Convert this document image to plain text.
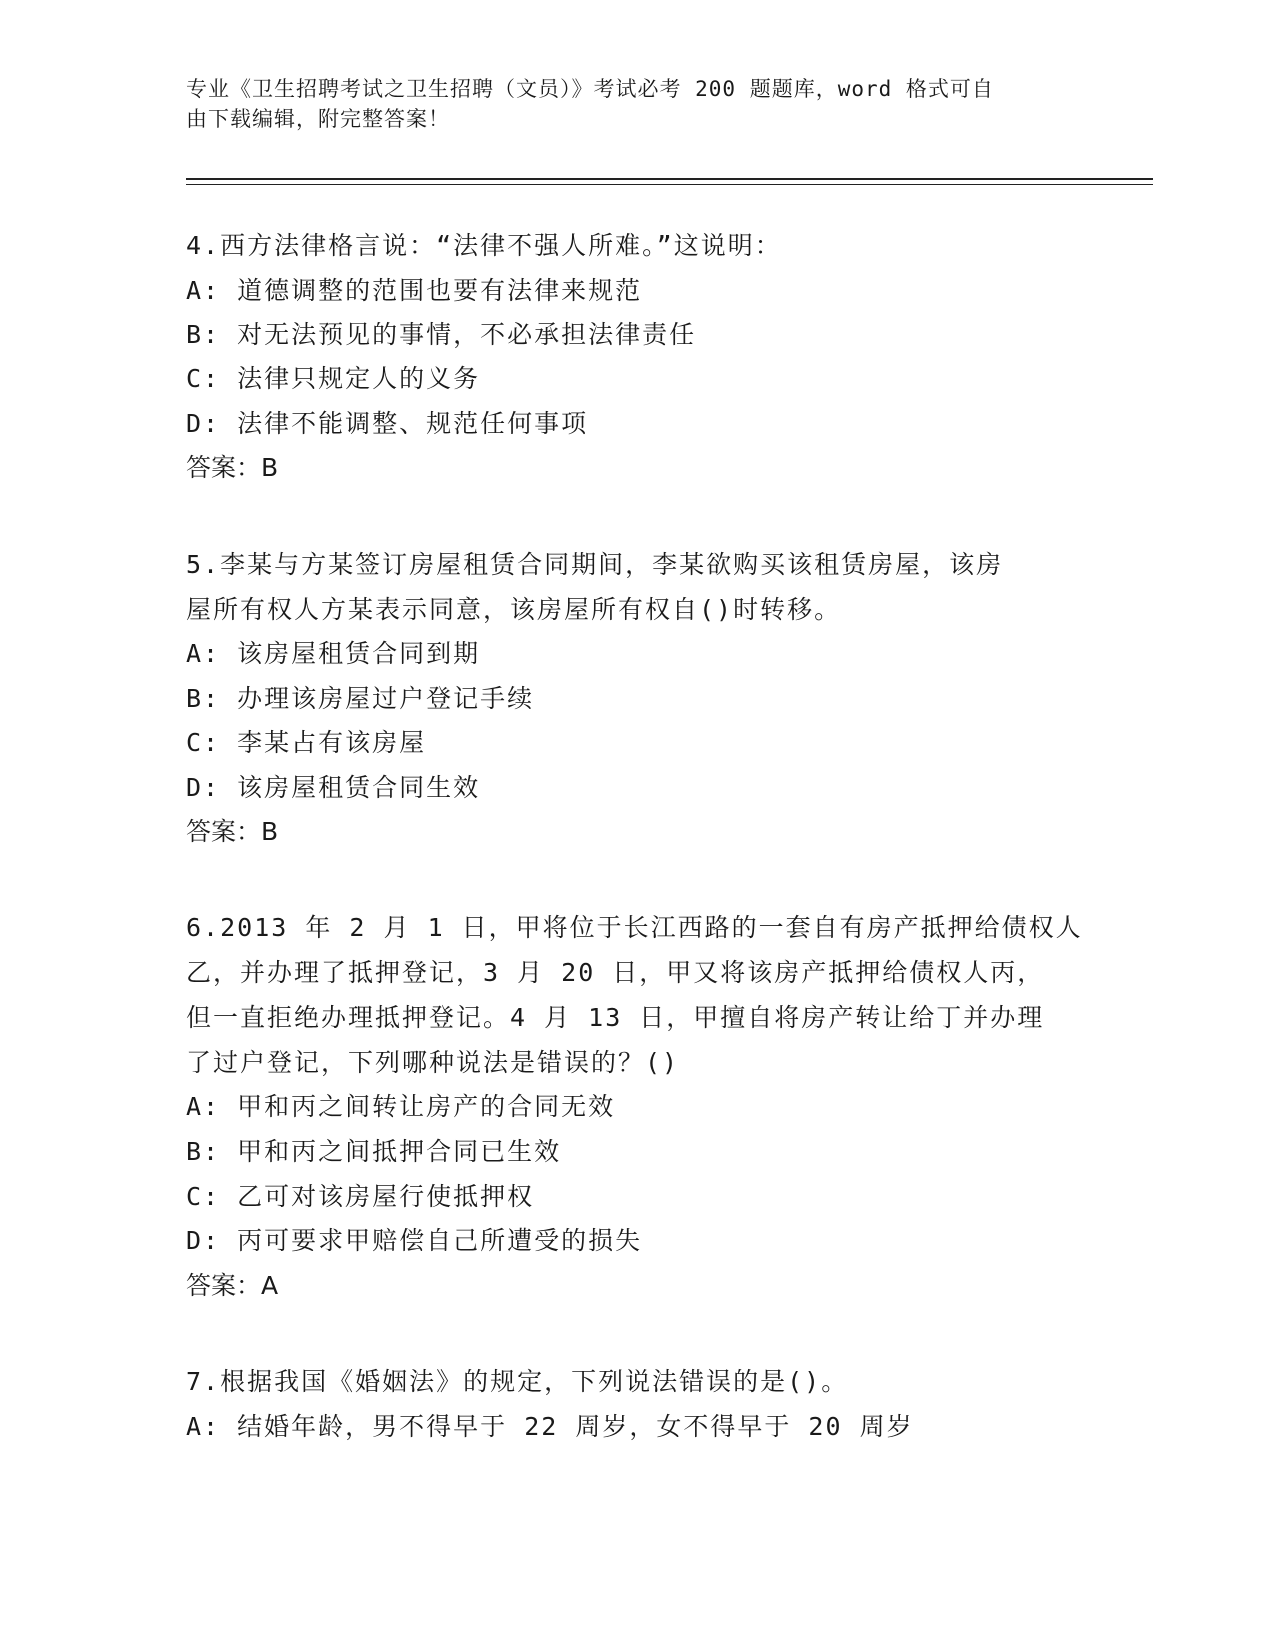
专业《卫生招聘考试之卫生招聘（文员）》考试必考 200 题题库，word 格式可自
由下载编辑，附完整答案！
4.西方法律格言说：“法律不强人所难。”这说明：
A: 道德调整的范围也要有法律来规范
B: 对无法预见的事情，不必承担法律责任
C: 法律只规定人的义务
D: 法律不能调整、规范任何事项
答案：B
5.李某与方某签订房屋租赁合同期间，李某欲购买该租赁房屋，该房
屋所有权人方某表示同意，该房屋所有权自()时转移。
A: 该房屋租赁合同到期
B: 办理该房屋过户登记手续
C: 李某占有该房屋
D: 该房屋租赁合同生效
答案：B
6.2013 年 2 月 1 日，甲将位于长江西路的一套自有房产抵押给债权人
乙，并办理了抵押登记，3 月 20 日，甲又将该房产抵押给债权人丙，
但一直拒绝办理抵押登记。4 月 13 日，甲擅自将房产转让给丁并办理
了过户登记，下列哪种说法是错误的？()
A: 甲和丙之间转让房产的合同无效
B: 甲和丙之间抵押合同已生效
C: 乙可对该房屋行使抵押权
D: 丙可要求甲赔偿自己所遭受的损失
答案：A
7.根据我国《婚姻法》的规定，下列说法错误的是()。
A: 结婚年龄，男不得早于 22 周岁，女不得早于 20 周岁
